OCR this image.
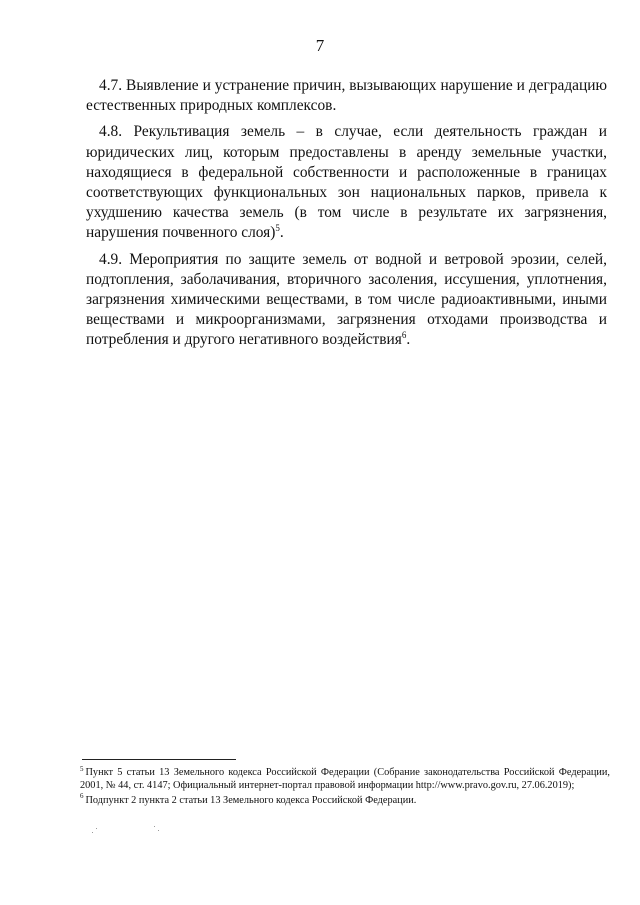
7

4.7. Выявление и устранение причин, вызывающих нарушение и деградацию естественных природных комплексов.

4.8. Рекультивация земель – в случае, если деятельность граждан и юридических лиц, которым предоставлены в аренду земельные участки, находящиеся в федеральной собственности и расположенные в границах соответствующих функциональных зон национальных парков, привела к ухудшению качества земель (в том числе в результате их загрязнения, нарушения почвенного слоя)$^5$.

4.9. Мероприятия по защите земель от водной и ветровой эрозии, селей, подтопления, заболачивания, вторичного засоления, иссушения, уплотнения, загрязнения химическими веществами, в том числе радиоактивными, иными веществами и микроорганизмами, загрязнения отходами производства и потребления и другого негативного воздействия$^6$.

$^5$ Пункт 5 статьи 13 Земельного кодекса Российской Федерации (Собрание законодательства Российской Федерации, 2001, № 44, ст. 4147; Официальный интернет-портал правовой информации http://www.pravo.gov.ru, 27.06.2019);

$^6$ Подпункт 2 пункта 2 статьи 13 Земельного кодекса Российской Федерации.
